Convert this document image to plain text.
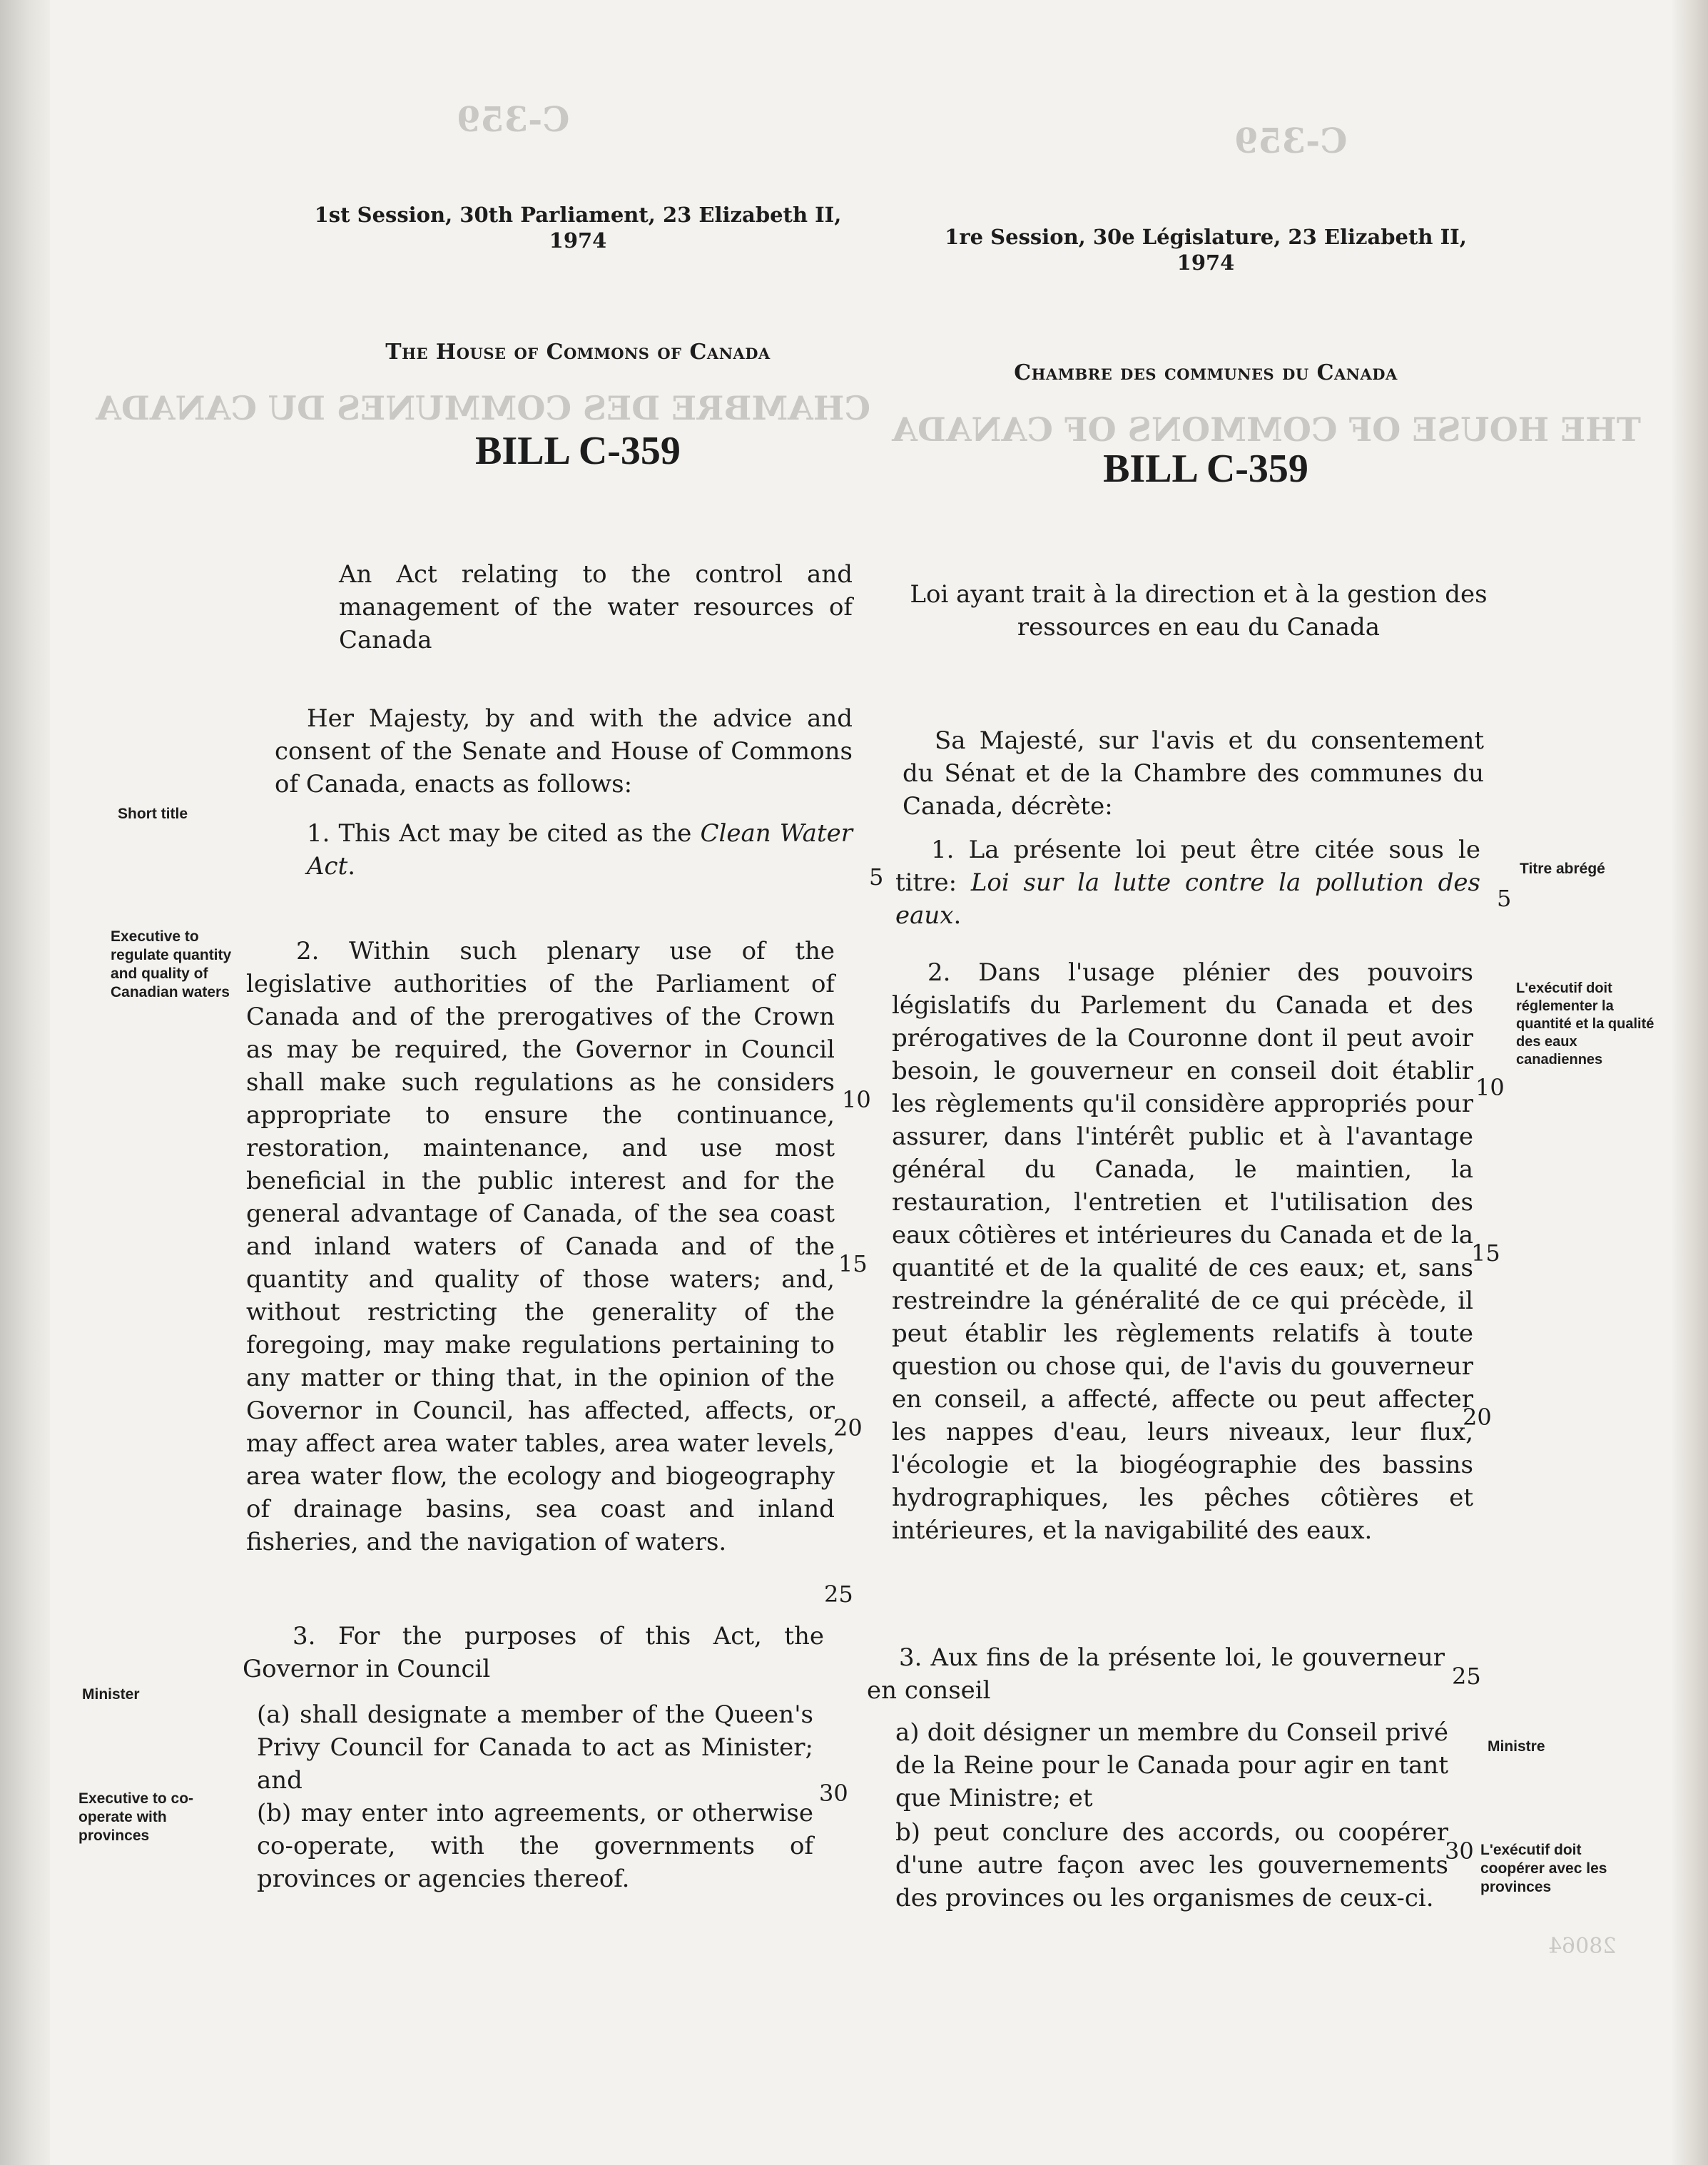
C-359
C-359
CHAMBRE DES COMMUNES DU CANADA
THE HOUSE OF COMMONS OF CANADA
28064
1st Session, 30th Parliament, 23 Elizabeth II,
1974
The House of Commons of Canada
BILL C-359
An Act relating to the control and management of the water resources of Canada
Her Majesty, by and with the advice and consent of the Senate and House of Commons of Canada, enacts as follows:
1. This Act may be cited as the Clean Water Act.
2. Within such plenary use of the legislative authorities of the Parliament of Canada and of the prerogatives of the Crown as may be required, the Governor in Council shall make such regulations as he considers appropriate to ensure the continuance, restoration, maintenance, and use most beneficial in the public interest and for the general advantage of Canada, of the sea coast and inland waters of Canada and of the quantity and quality of those waters; and, without restricting the generality of the foregoing, may make regulations pertaining to any matter or thing that, in the opinion of the Governor in Council, has affected, affects, or may affect area water tables, area water levels, area water flow, the ecology and biogeography of drainage basins, sea coast and inland fisheries, and the navigation of waters.
3. For the purposes of this Act, the Governor in Council
(a) shall designate a member of the Queen's Privy Council for Canada to act as Minister; and
(b) may enter into agreements, or otherwise co-operate, with the governments of provinces or agencies thereof.
Short title
Executive to regulate quantity and quality of Canadian waters
Minister
Executive to co-operate with provinces
10
15
20
25
30
1re Session, 30e Législature, 23 Elizabeth II,
1974
Chambre des communes du Canada
BILL C-359
Loi ayant trait à la direction et à la gestion des ressources en eau du Canada
Sa Majesté, sur l'avis et du consentement du Sénat et de la Chambre des communes du Canada, décrète:
1. La présente loi peut être citée sous le titre: Loi sur la lutte contre la pollution des eaux.
2. Dans l'usage plénier des pouvoirs législatifs du Parlement du Canada et des prérogatives de la Couronne dont il peut avoir besoin, le gouverneur en conseil doit établir les règlements qu'il considère appropriés pour assurer, dans l'intérêt public et à l'avantage général du Canada, le maintien, la restauration, l'entretien et l'utilisation des eaux côtières et intérieures du Canada et de la quantité et de la qualité de ces eaux; et, sans restreindre la généralité de ce qui précède, il peut établir les règlements relatifs à toute question ou chose qui, de l'avis du gouverneur en conseil, a affecté, affecte ou peut affecter les nappes d'eau, leurs niveaux, leur flux, l'écologie et la biogéographie des bassins hydrographiques, les pêches côtières et intérieures, et la navigabilité des eaux.
3. Aux fins de la présente loi, le gouverneur en conseil
a) doit désigner un membre du Conseil privé de la Reine pour le Canada pour agir en tant que Ministre; et
b) peut conclure des accords, ou coopérer d'une autre façon avec les gouvernements des provinces ou les organismes de ceux-ci.
Titre abrégé
L'exécutif doit réglementer la quantité et la qualité des eaux canadiennes
Ministre
L'exécutif doit coopérer avec les provinces
5
5
10
15
20
25
30
